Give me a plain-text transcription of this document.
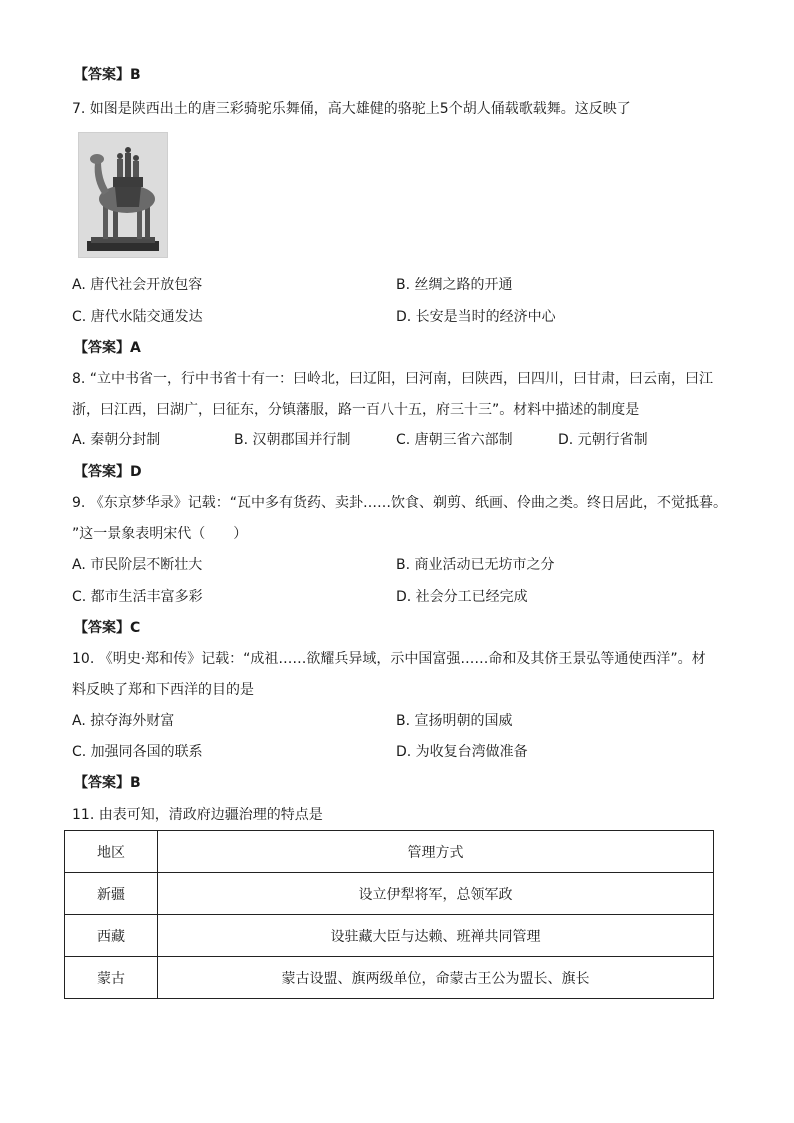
【答案】B
7. 如图是陕西出土的唐三彩骑驼乐舞俑，高大雄健的骆驼上5个胡人俑载歌载舞。这反映了
A. 唐代社会开放包容	B. 丝绸之路的开通
C. 唐代水陆交通发达	D. 长安是当时的经济中心
【答案】A
8. “立中书省一，行中书省十有一：曰岭北，曰辽阳，曰河南，曰陕西，曰四川，曰甘肃，曰云南，曰江
浙，曰江西，曰湖广，曰征东，分镇藩服，路一百八十五，府三十三”。材料中描述的制度是
A. 秦朝分封制	B. 汉朝郡国并行制	C. 唐朝三省六部制	D. 元朝行省制
【答案】D
9. 《东京梦华录》记载：“瓦中多有货药、卖卦……饮食、剃剪、纸画、伶曲之类。终日居此，不觉抵暮。
”这一景象表明宋代（　　）
A. 市民阶层不断壮大	B. 商业活动已无坊市之分
C. 都市生活丰富多彩	D. 社会分工已经完成
【答案】C
10. 《明史·郑和传》记载：“成祖……欲耀兵异域，示中国富强……命和及其侪王景弘等通使西洋”。材
料反映了郑和下西洋的目的是
A. 掠夺海外财富	B. 宣扬明朝的国威
C. 加强同各国的联系	D. 为收复台湾做准备
【答案】B
11. 由表可知，清政府边疆治理的特点是
地区	管理方式
新疆	设立伊犁将军，总领军政
西藏	设驻藏大臣与达赖、班禅共同管理
蒙古	蒙古设盟、旗两级单位，命蒙古王公为盟长、旗长
